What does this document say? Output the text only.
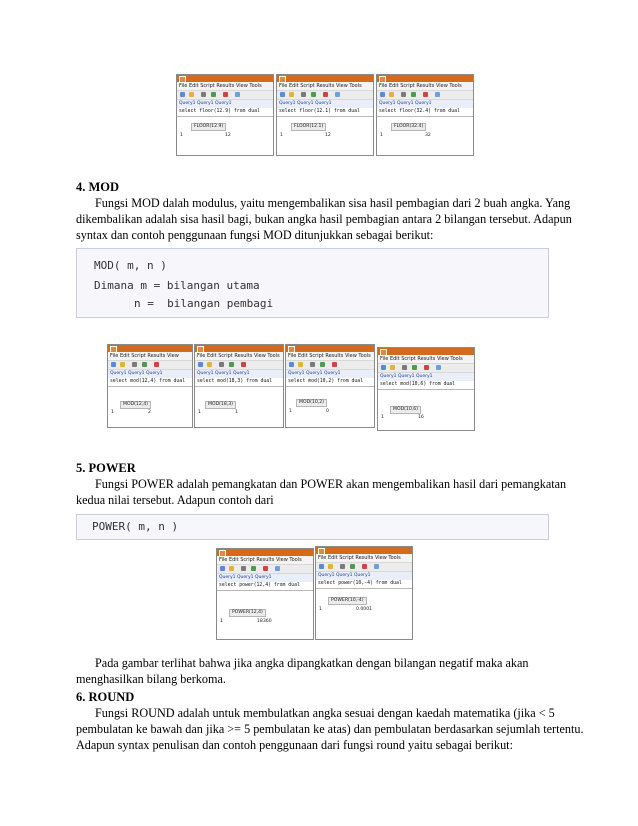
File Edit Script Results View Tools
Query1 Query1 Query1
select floor(12.9) from dual
FLOOR(12.9)
1	12
File Edit Script Results View Tools
Query1 Query1 Query1
select floor(12.1) from dual
FLOOR(12.1)
1	12
File Edit Script Results View Tools
Query1 Query1 Query1
select floor(32.4) from dual
FLOOR(32.4)
1	32
4. MOD
Fungsi MOD dalah modulus, yaitu mengembalikan sisa hasil pembagian dari 2 buah angka. Yang
dikembalikan adalah sisa hasil bagi, bukan angka hasil pembagian antara 2 bilangan tersebut. Adapun
syntax dan contoh penggunaan fungsi MOD ditunjukkan sebagai berikut:
MOD( m, n )
Dimana m = bilangan utama
n =  bilangan pembagi
File Edit Script Results View
Query1 Query1 Query1
select mod(12,4) from dual
MOD(12,4)
1	2
File Edit Script Results View Tools
Query1 Query1 Query1
select mod(18,3) from dual
MOD(18,3)
1	1
File Edit Script Results View Tools
Query1 Query1 Query1
select mod(10,2) from dual
MOD(10,2)
1	0
File Edit Script Results View Tools
Query1 Query1 Query1
select mod(10,6) from dual
MOD(10,6)
1	16
5. POWER
Fungsi POWER adalah pemangkatan dan POWER akan mengembalikan hasil dari pemangkatan
kedua nilai tersebut. Adapun contoh dari
POWER( m, n )
File Edit Script Results View Tools
Query1 Query1 Query1
select power(12,4) from dual
POWER(12,4)
1	18360
File Edit Script Results View Tools
Query1 Query1 Query1
select power(10,-4) from dual
POWER(10,-4)
1	0.0001
Pada gambar terlihat bahwa jika angka dipangkatkan dengan bilangan negatif maka akan
menghasilkan bilang berkoma.
6. ROUND
Fungsi ROUND adalah untuk membulatkan angka sesuai dengan kaedah matematika (jika < 5
pembulatan ke bawah dan jika >= 5 pembulatan ke atas) dan pembulatan berdasarkan sejumlah tertentu.
Adapun syntax penulisan dan contoh penggunaan dari fungsi round yaitu sebagai berikut:
